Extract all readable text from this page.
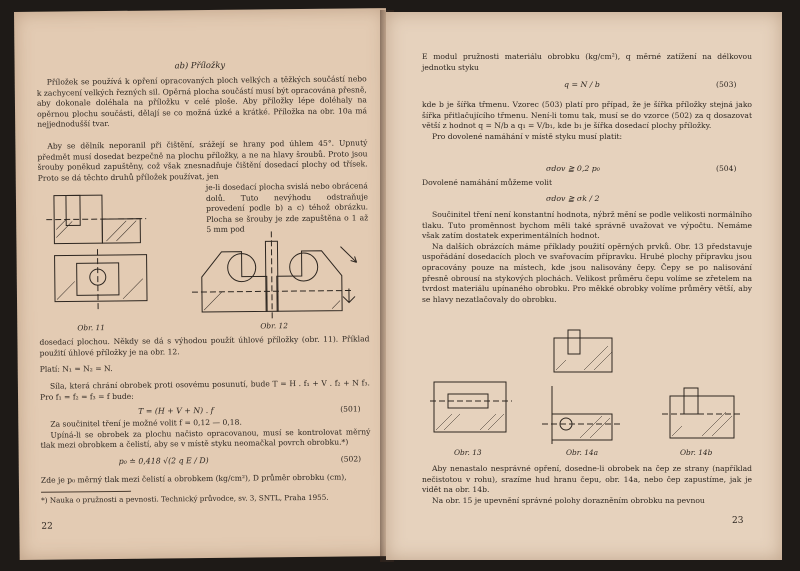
ab) Příložky

Příložek se používá k opření opracovaných ploch velkých a těžkých součástí nebo k zachycení velkých řezných sil. Opěrná plocha součástí musí být opracována přesně, aby dokonale doléhala na příložku v celé ploše. Aby příložky lépe doléhaly na opěrnou plochu součásti, dělají se co možná úzké a krátké. Příložka na obr. 10a má nejjednodušší tvar.

Aby se dělník neporanil při čištění, srážejí se hrany pod úhlem 45°. Upnutý předmět musí dosedat bezpečně na plochu příložky, a ne na hlavy šroubů. Proto jsou šrouby poněkud zapuštěny, což však znesnadňuje čištění dosedací plochy od třísek. Proto se dá těchto druhů příložek používat, jen

je-li dosedací plocha svislá nebo obrácená dolů. Tuto nevýhodu odstraňuje provedení podle b) a c) téhož obrázku. Plocha se šrouby je zde zapuštěna o 1 až 5 mm pod

Obr. 11	Obr. 12

dosedací plochou. Někdy se dá s výhodou použít úhlové příložky (obr. 11). Příklad použití úhlové příložky je na obr. 12.

Platí: N₁ = N₂ = N.

Síla, která chrání obrobek proti osovému posunutí, bude T = H . f₁ + V . f₂ + N f₃. Pro f₁ = f₂ = f₃ = f bude:

T = (H + V + N) . f	(501)

Za součinitel tření je možné volit f = 0,12 — 0,18.

Upíná-li se obrobek za plochu načisto opracovanou, musí se kontrolovat měrný tlak mezi obrobkem a čelistí, aby se v místě styku neomačkal povrch obrobku.*)

p₀ ≐ 0,418 √(2 q E / D)	(502)

Zde je p₀ měrný tlak mezi čelistí a obrobkem (kg/cm²), D průměr obrobku (cm),

*) Nauka o pružnosti a pevnosti. Technický průvodce, sv. 3, SNTL, Praha 1955.
22

E modul pružnosti materiálu obrobku (kg/cm²), q měrné zatížení na délkovou jednotku styku

q = N / b	(503)

kde b je šířka třmenu. Vzorec (503) platí pro případ, že je šířka příložky stejná jako šířka přitlačujícího třmenu. Není-li tomu tak, musí se do vzorce (502) za q dosazovat větší z hodnot q = N/b a q₁ = V/b₁, kde b₁ je šířka dosedací plochy příložky.

Pro dovolené namáhání v místě styku musí platit:

σdov ≧ 0,2 p₀	(504)

Dovolené namáhání můžeme volit

σdov ≧ σk / 2

Součinitel tření není konstantní hodnota, nýbrž mění se podle velikosti normálního tlaku. Tuto proměnnost bychom měli také správně uvažovat ve výpočtu. Nemáme však zatím dostatek experimentálních hodnot.

Na dalších obrázcích máme příklady použití opěrných prvků. Obr. 13 představuje uspořádání dosedacích ploch ve svařovacím přípravku. Hrubé plochy přípravku jsou opracovány pouze na místech, kde jsou nalisovány čepy. Čepy se po nalisování přesně obrousí na stykových plochách. Velikost průměru čepu volíme se zřetelem na tvrdost materiálu upínaného obrobku. Pro měkké obrobky volíme průměry větší, aby se hlavy nezatlačovaly do obrobku.

Obr. 13	Obr. 14a	Obr. 14b

Aby nenastalo nesprávné opření, dosedne-li obrobek na čep ze strany (například nečistotou v rohu), srazíme hud hranu čepu, obr. 14a, nebo čep zapustíme, jak je vidět na obr. 14b.

Na obr. 15 je upevnění správné polohy dorazněním obrobku na pevnou

23
